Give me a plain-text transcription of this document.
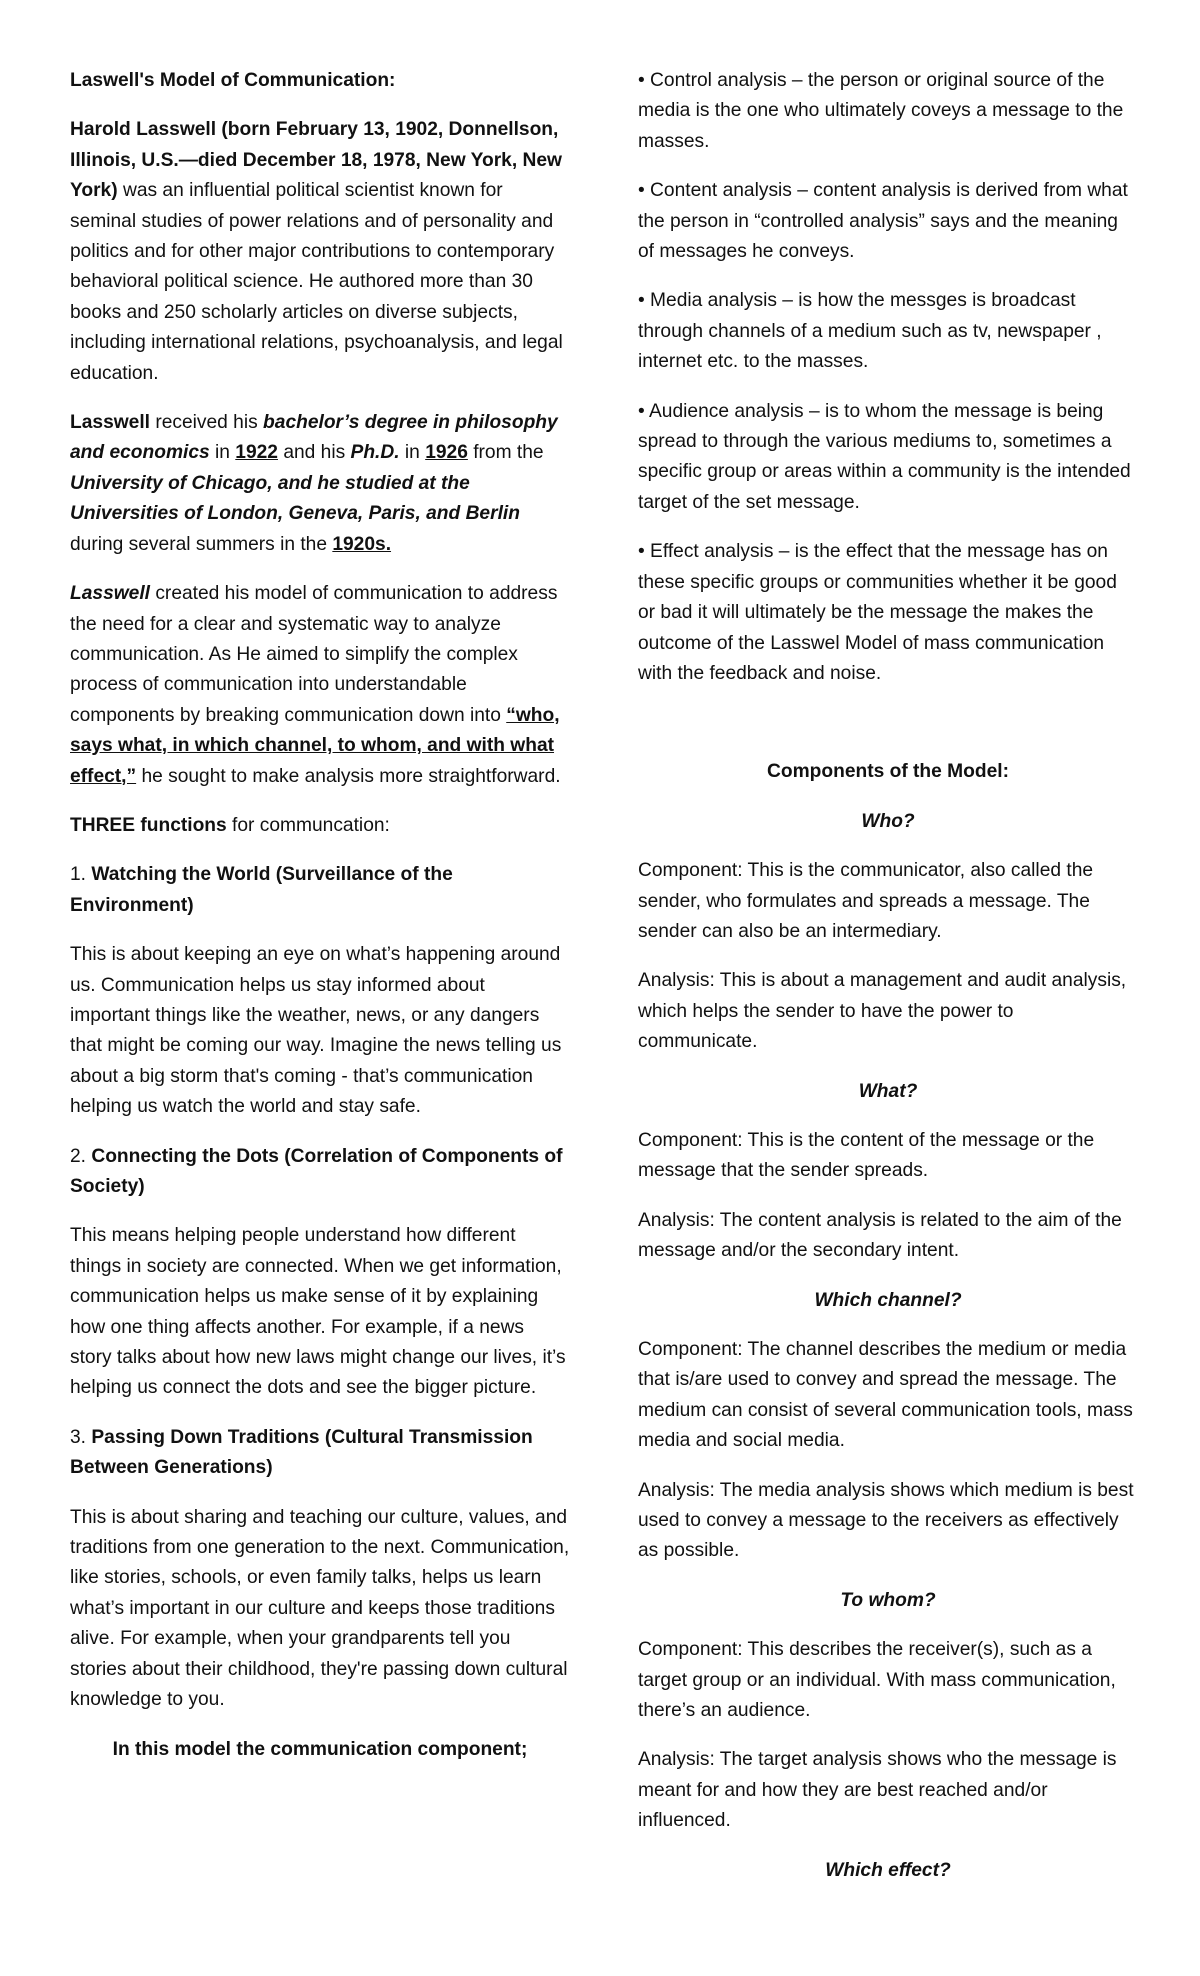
Laswell's Model of Communication:

Harold Lasswell (born February 13, 1902, Donnellson, Illinois, U.S.—died December 18, 1978, New York, New York) was an influential political scientist known for seminal studies of power relations and of personality and politics and for other major contributions to contemporary behavioral political science. He authored more than 30 books and 250 scholarly articles on diverse subjects, including international relations, psychoanalysis, and legal education.

Lasswell received his bachelor’s degree in philosophy and economics in 1922 and his Ph.D. in 1926 from the University of Chicago, and he studied at the Universities of London, Geneva, Paris, and Berlin during several summers in the 1920s.

Lasswell created his model of communication to address the need for a clear and systematic way to analyze communication. As He aimed to simplify the complex process of communication into understandable components by breaking communication down into “who, says what, in which channel, to whom, and with what effect,” he sought to make analysis more straightforward.

THREE functions for communcation:

1. Watching the World (Surveillance of the Environment)

This is about keeping an eye on what’s happening around us. Communication helps us stay informed about important things like the weather, news, or any dangers that might be coming our way. Imagine the news telling us about a big storm that's coming - that’s communication helping us watch the world and stay safe.

2. Connecting the Dots (Correlation of Components of Society)

This means helping people understand how different things in society are connected. When we get information, communication helps us make sense of it by explaining how one thing affects another. For example, if a news story talks about how new laws might change our lives, it’s helping us connect the dots and see the bigger picture.

3. Passing Down Traditions (Cultural Transmission Between Generations)

This is about sharing and teaching our culture, values, and traditions from one generation to the next. Communication, like stories, schools, or even family talks, helps us learn what’s important in our culture and keeps those traditions alive. For example, when your grandparents tell you stories about their childhood, they're passing down cultural knowledge to you.

In this model the communication component;

• Control analysis – the person or original source of the media is the one who ultimately coveys a message to the masses.

• Content analysis – content analysis is derived from what the person in “controlled analysis” says and the meaning of messages he conveys.

• Media analysis – is how the messges is broadcast through channels of a medium such as tv, newspaper , internet etc. to the masses.

• Audience analysis – is to whom the message is being spread to through the various mediums to, sometimes a specific group or areas within a community is the intended target of the set message.

• Effect analysis – is the effect that the message has on these specific groups or communities whether it be good or bad it will ultimately be the message the makes the outcome of the Lasswel Model of mass communication with the feedback and noise.

Components of the Model:

Who?

Component: This is the communicator, also called the sender, who formulates and spreads a message. The sender can also be an intermediary.

Analysis: This is about a management and audit analysis, which helps the sender to have the power to communicate.

What?

Component: This is the content of the message or the message that the sender spreads.

Analysis: The content analysis is related to the aim of the message and/or the secondary intent.

Which channel?

Component: The channel describes the medium or media that is/are used to convey and spread the message. The medium can consist of several communication tools, mass media and social media.

Analysis: The media analysis shows which medium is best used to convey a message to the receivers as effectively as possible.

To whom?

Component: This describes the receiver(s), such as a target group or an individual. With mass communication, there’s an audience.

Analysis: The target analysis shows who the message is meant for and how they are best reached and/or influenced.

Which effect?
